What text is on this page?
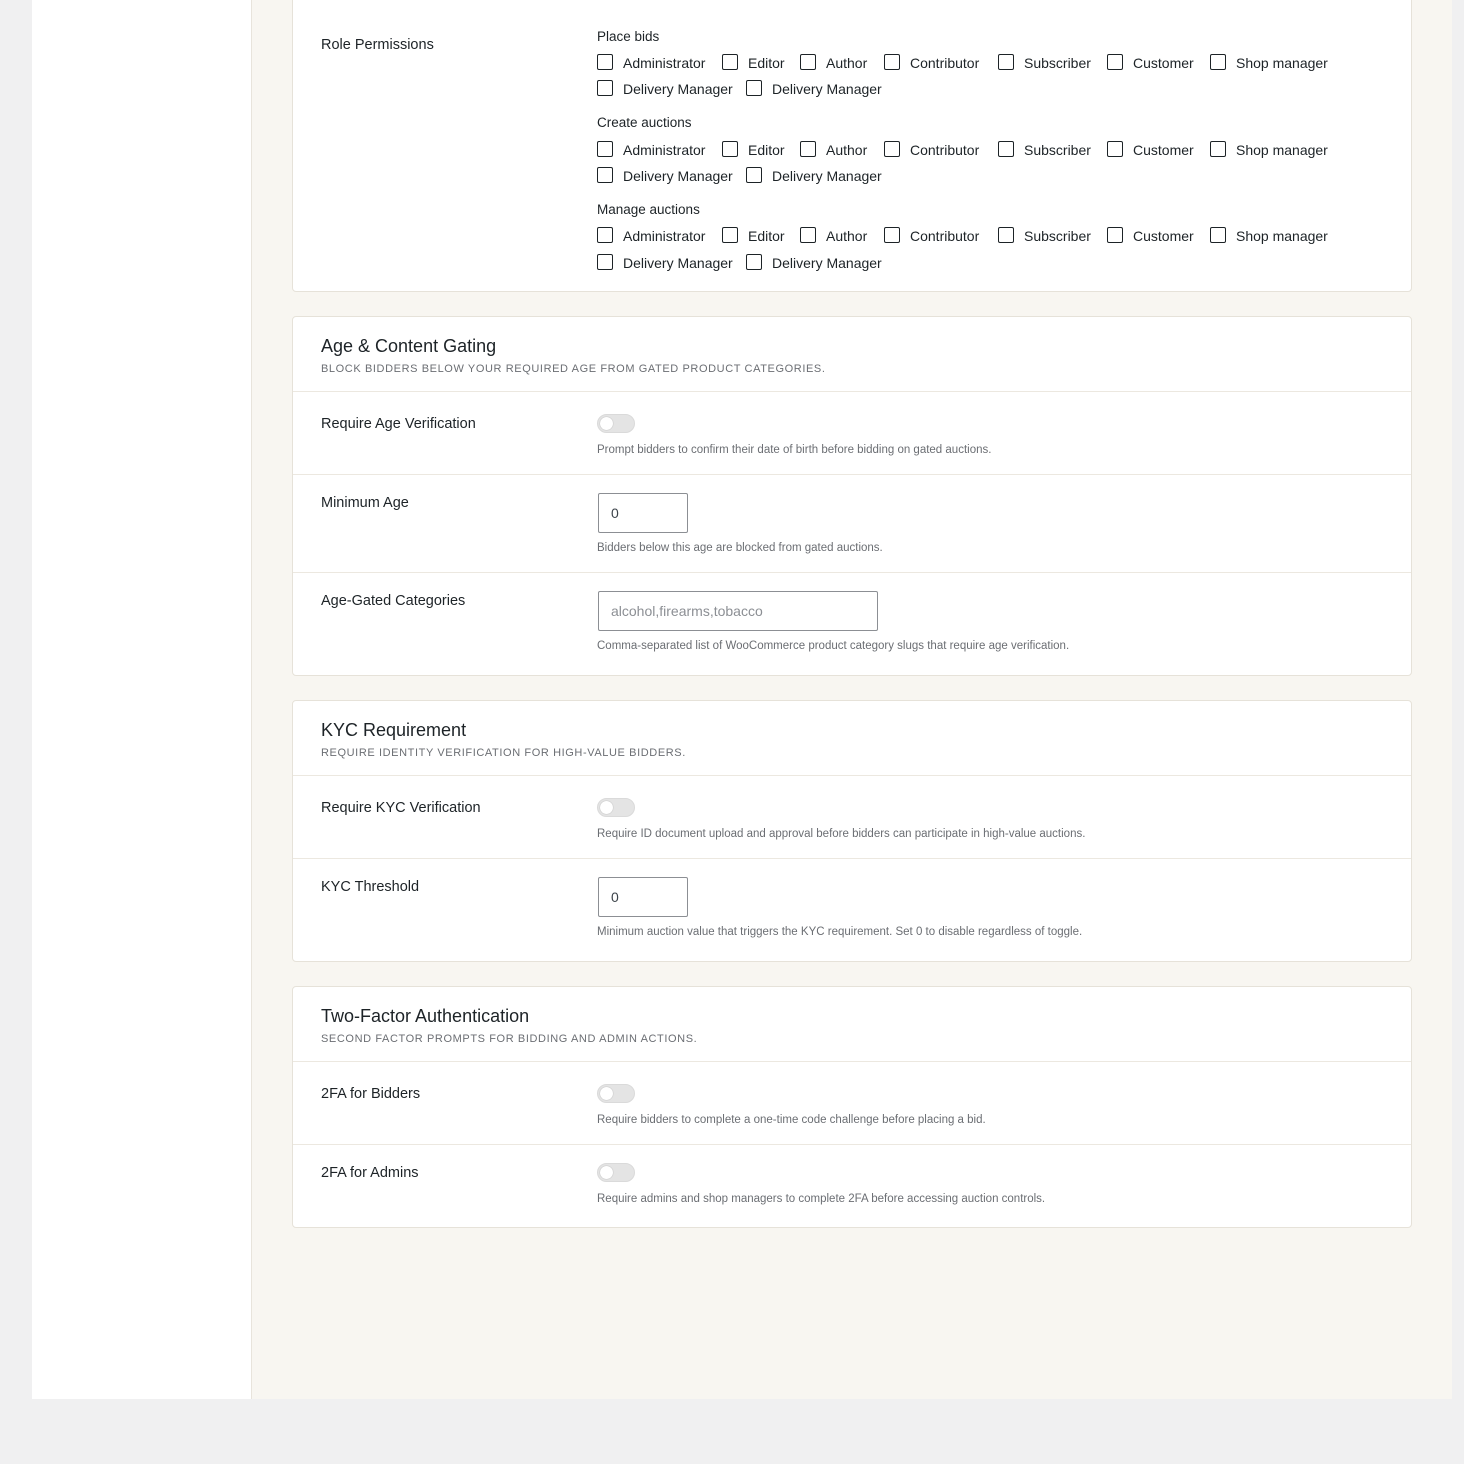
Role Permissions
Place bids
Administrator	Editor	Author	Contributor	Subscriber	Customer	Shop manager
Delivery Manager	Delivery Manager
Create auctions
Administrator	Editor	Author	Contributor	Subscriber	Customer	Shop manager
Delivery Manager	Delivery Manager
Manage auctions
Administrator	Editor	Author	Contributor	Subscriber	Customer	Shop manager
Delivery Manager	Delivery Manager
Age & Content Gating
BLOCK BIDDERS BELOW YOUR REQUIRED AGE FROM GATED PRODUCT CATEGORIES.
Require Age Verification
Prompt bidders to confirm their date of birth before bidding on gated auctions.
Minimum Age
0
Bidders below this age are blocked from gated auctions.
Age-Gated Categories
alcohol,firearms,tobacco
Comma-separated list of WooCommerce product category slugs that require age verification.
KYC Requirement
REQUIRE IDENTITY VERIFICATION FOR HIGH-VALUE BIDDERS.
Require KYC Verification
Require ID document upload and approval before bidders can participate in high-value auctions.
KYC Threshold
0
Minimum auction value that triggers the KYC requirement. Set 0 to disable regardless of toggle.
Two-Factor Authentication
SECOND FACTOR PROMPTS FOR BIDDING AND ADMIN ACTIONS.
2FA for Bidders
Require bidders to complete a one-time code challenge before placing a bid.
2FA for Admins
Require admins and shop managers to complete 2FA before accessing auction controls.
